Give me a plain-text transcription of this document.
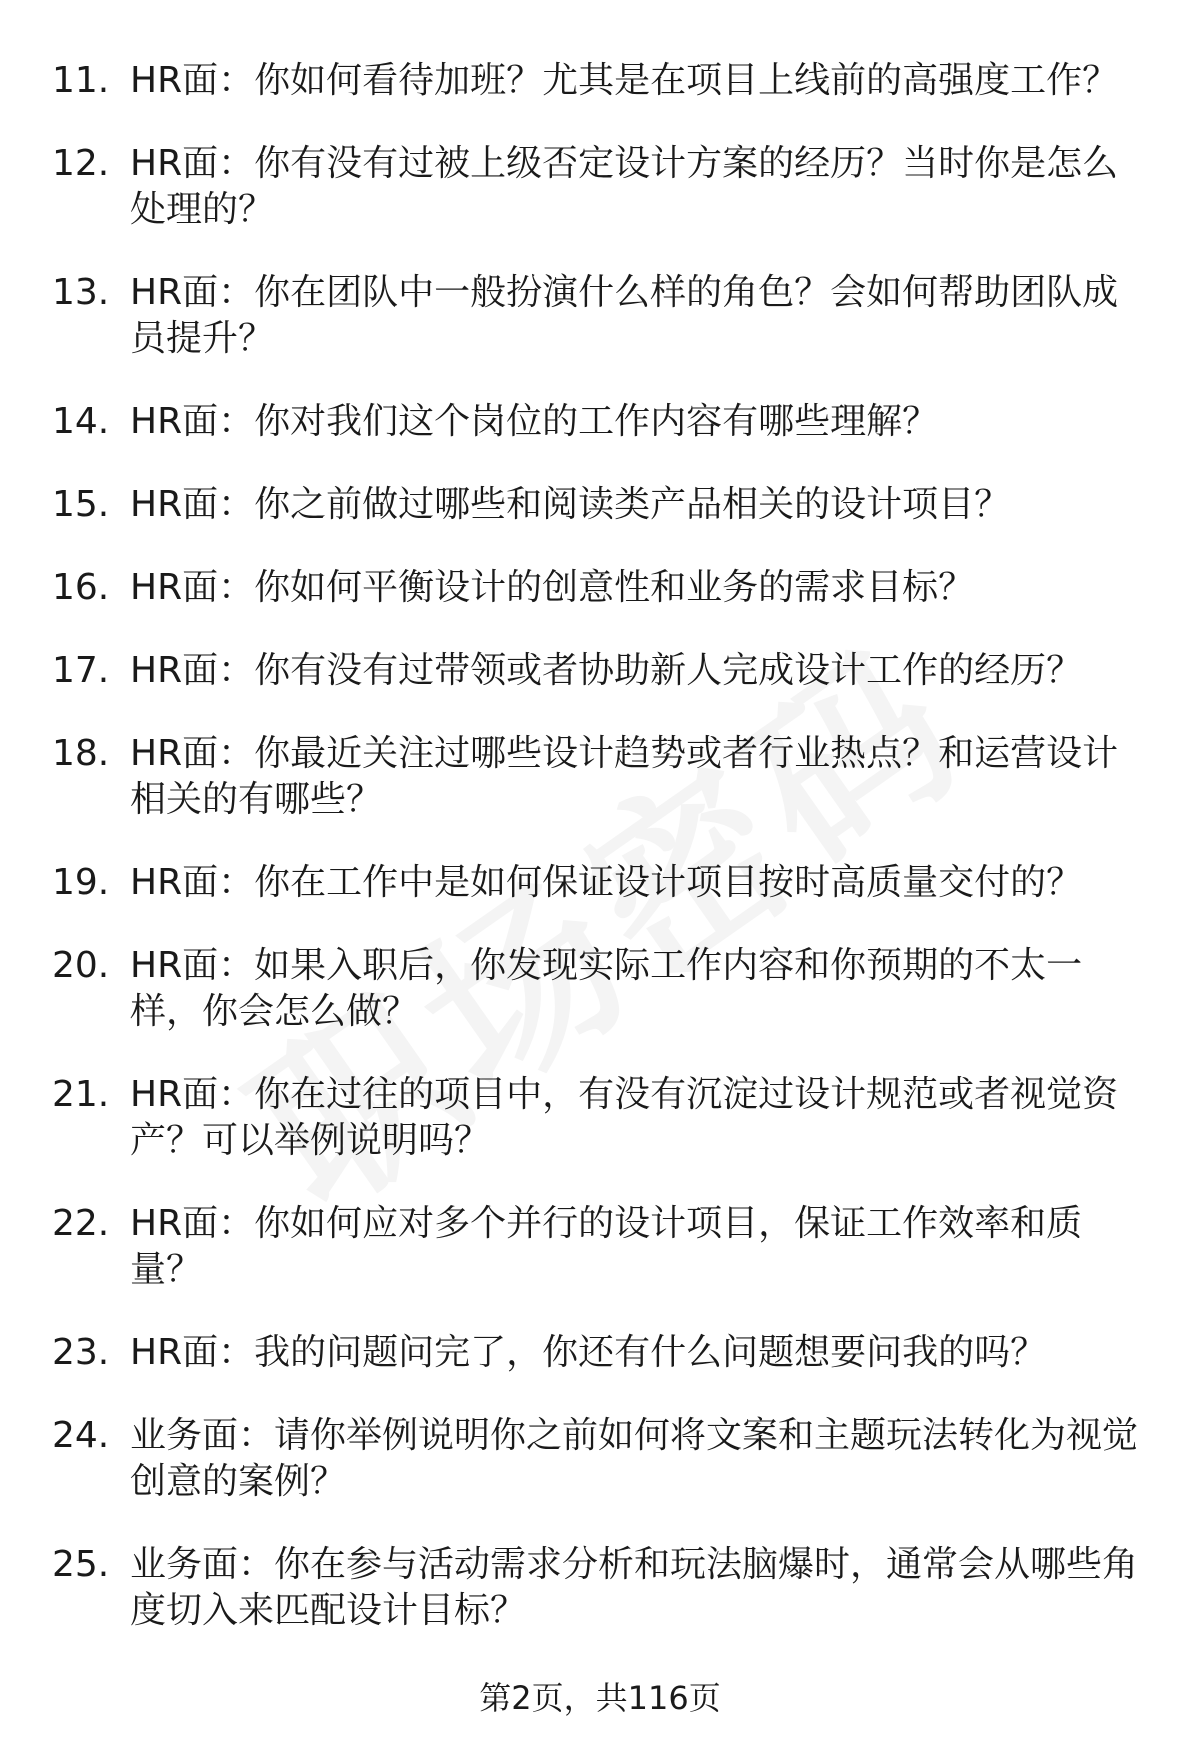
11. HR面：你如何看待加班？尤其是在项目上线前的高强度工作？
12. HR面：你有没有过被上级否定设计方案的经历？当时你是怎么处理的？
13. HR面：你在团队中一般扮演什么样的角色？会如何帮助团队成员提升？
14. HR面：你对我们这个岗位的工作内容有哪些理解？
15. HR面：你之前做过哪些和阅读类产品相关的设计项目？
16. HR面：你如何平衡设计的创意性和业务的需求目标？
17. HR面：你有没有过带领或者协助新人完成设计工作的经历？
18. HR面：你最近关注过哪些设计趋势或者行业热点？和运营设计相关的有哪些？
19. HR面：你在工作中是如何保证设计项目按时高质量交付的？
20. HR面：如果入职后，你发现实际工作内容和你预期的不太一样，你会怎么做？
21. HR面：你在过往的项目中，有没有沉淀过设计规范或者视觉资产？可以举例说明吗？
22. HR面：你如何应对多个并行的设计项目，保证工作效率和质量？
23. HR面：我的问题问完了，你还有什么问题想要问我的吗？
24. 业务面：请你举例说明你之前如何将文案和主题玩法转化为视觉创意的案例？
25. 业务面：你在参与活动需求分析和玩法脑爆时，通常会从哪些角度切入来匹配设计目标？
第2页，共116页
